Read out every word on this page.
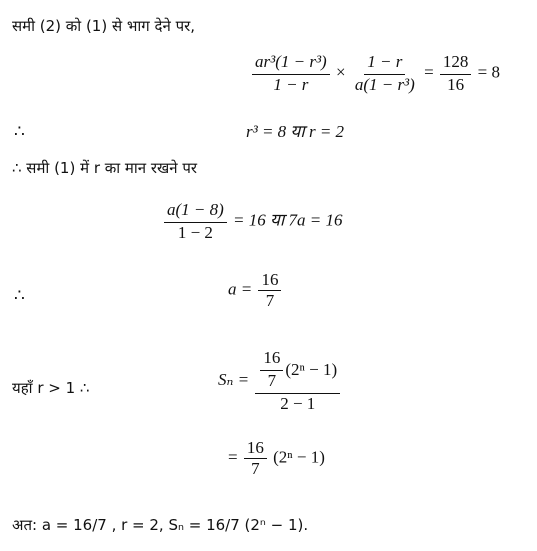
समी (2) को (1) से भाग देने पर,
$\frac{\text{ar³(1 − r³)}}{1 - r} \times \frac{1 - r}{\text{a(1 − r³)}} = \frac{128}{16} = 8$
∴	r³ = 8 या r = 2
∴ समी (1) में r का मान रखने पर
$\frac{a(1 - 8)}{1 - 2} = 16$ या 7a = 16
∴	$a = \frac{16}{7}$
यहाँ r > 1 ∴	$S_n = \frac{\frac{16}{7} (2^n - 1)}{2 - 1}$
= $\frac{16}{7} (2^n - 1)$
अत: a = 16/7 , r = 2, Sₙ = 16/7 (2ⁿ − 1).
